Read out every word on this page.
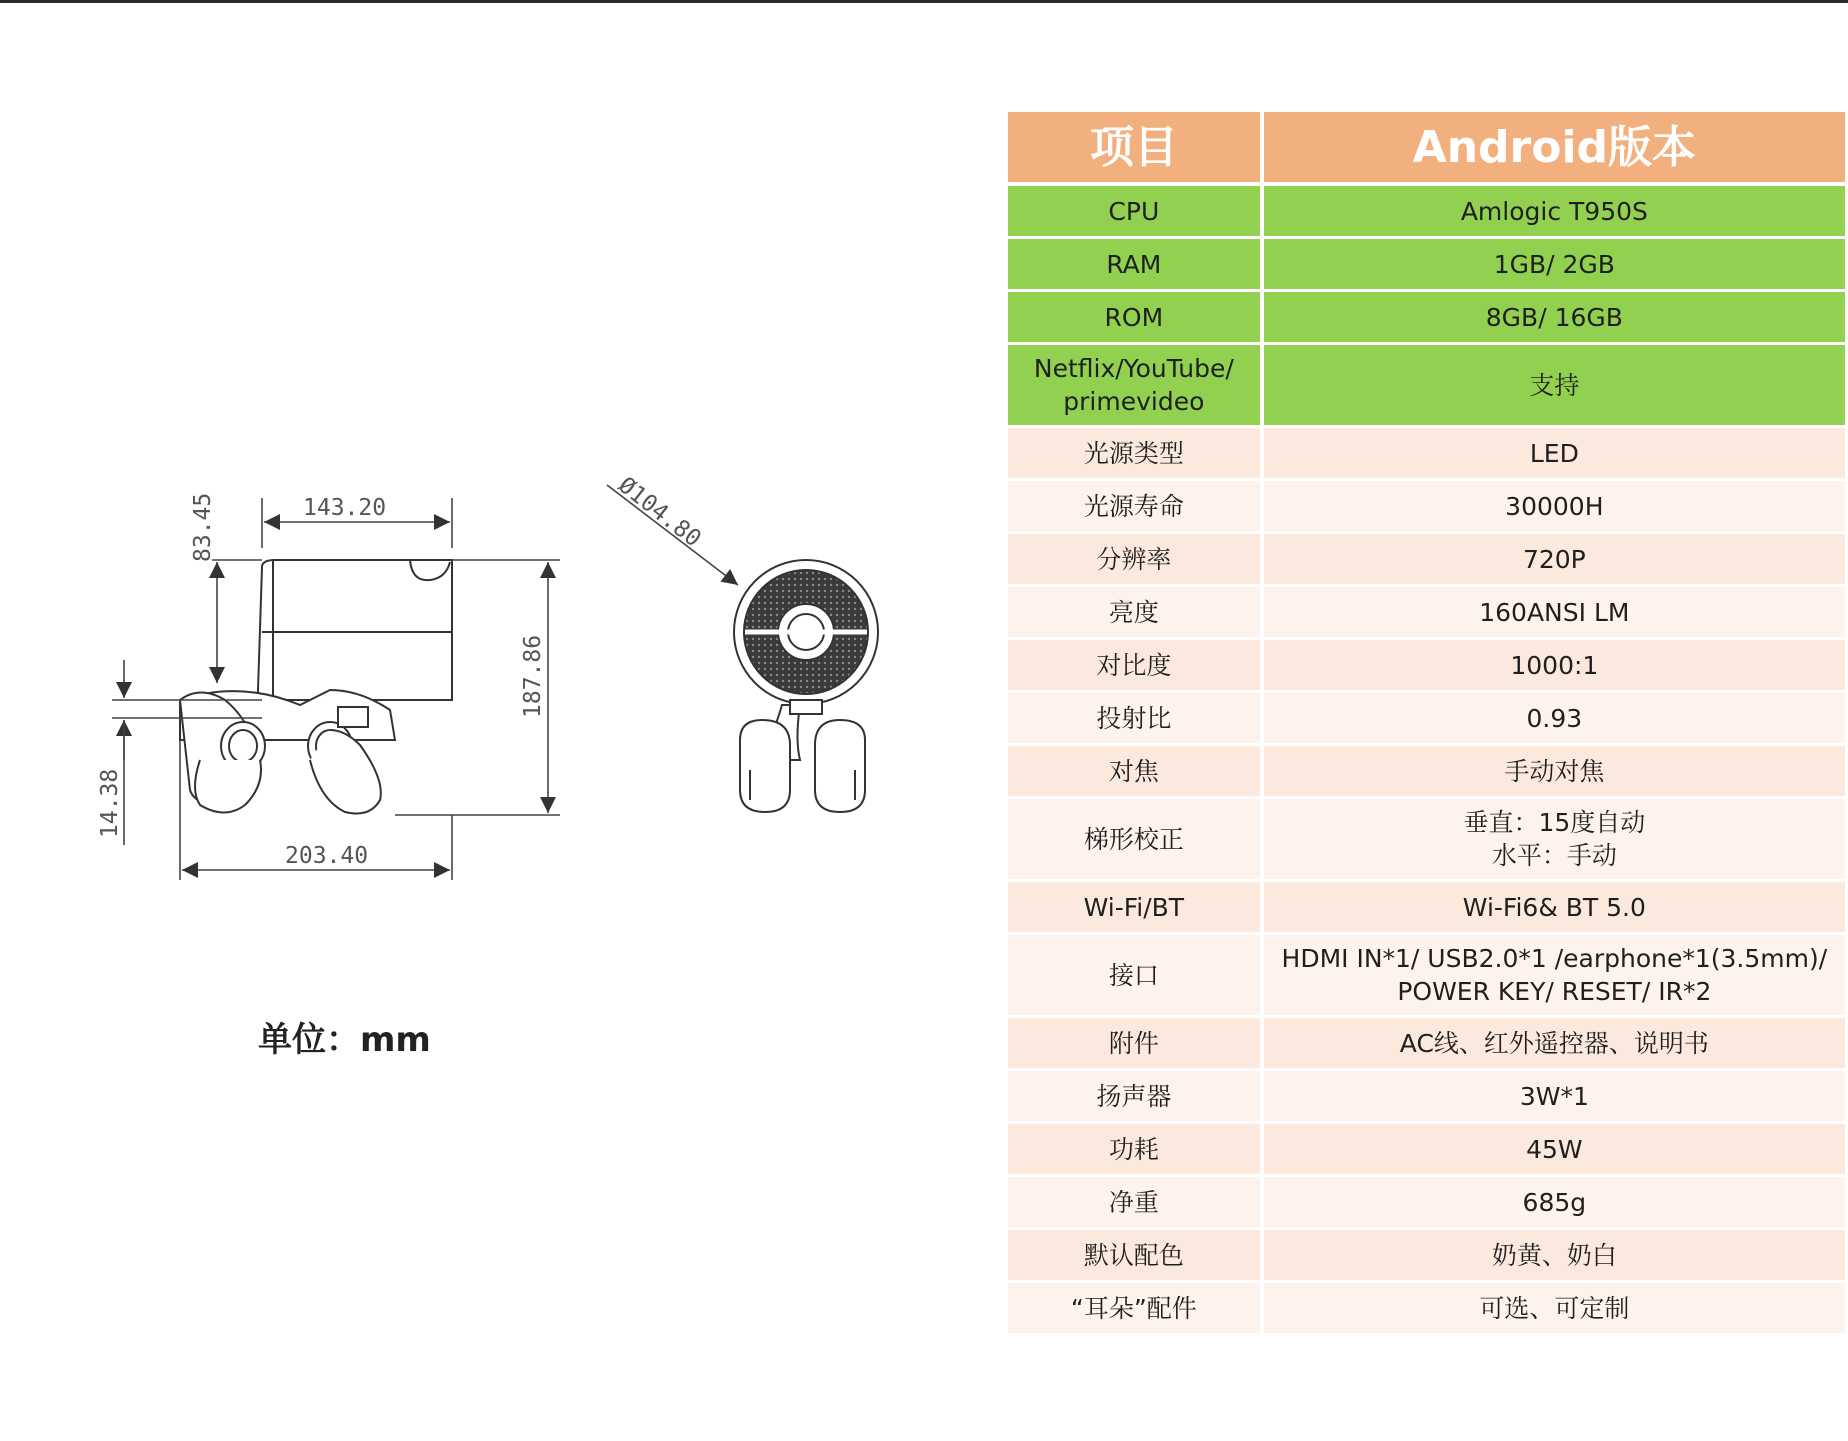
143.20
83.45
187.86
14.38
203.40
Ø104.80
单位：mm
项目	Android版本
CPU	Amlogic T950S
RAM	1GB/ 2GB
ROM	8GB/ 16GB
Netflix/YouTube/
primevideo	支持
光源类型	LED
光源寿命	30000H
分辨率	720P
亮度	160ANSI LM
对比度	1000:1
投射比	0.93
对焦	手动对焦
梯形校正	垂直：15度自动
水平：手动
Wi-Fi/BT	Wi-Fi6& BT 5.0
接口	HDMI IN*1/ USB2.0*1 /earphone*1(3.5mm)/
POWER KEY/ RESET/ IR*2
附件	AC线、红外遥控器、说明书
扬声器	3W*1
功耗	45W
净重	685g
默认配色	奶黄、奶白
“耳朵”配件	可选、可定制
